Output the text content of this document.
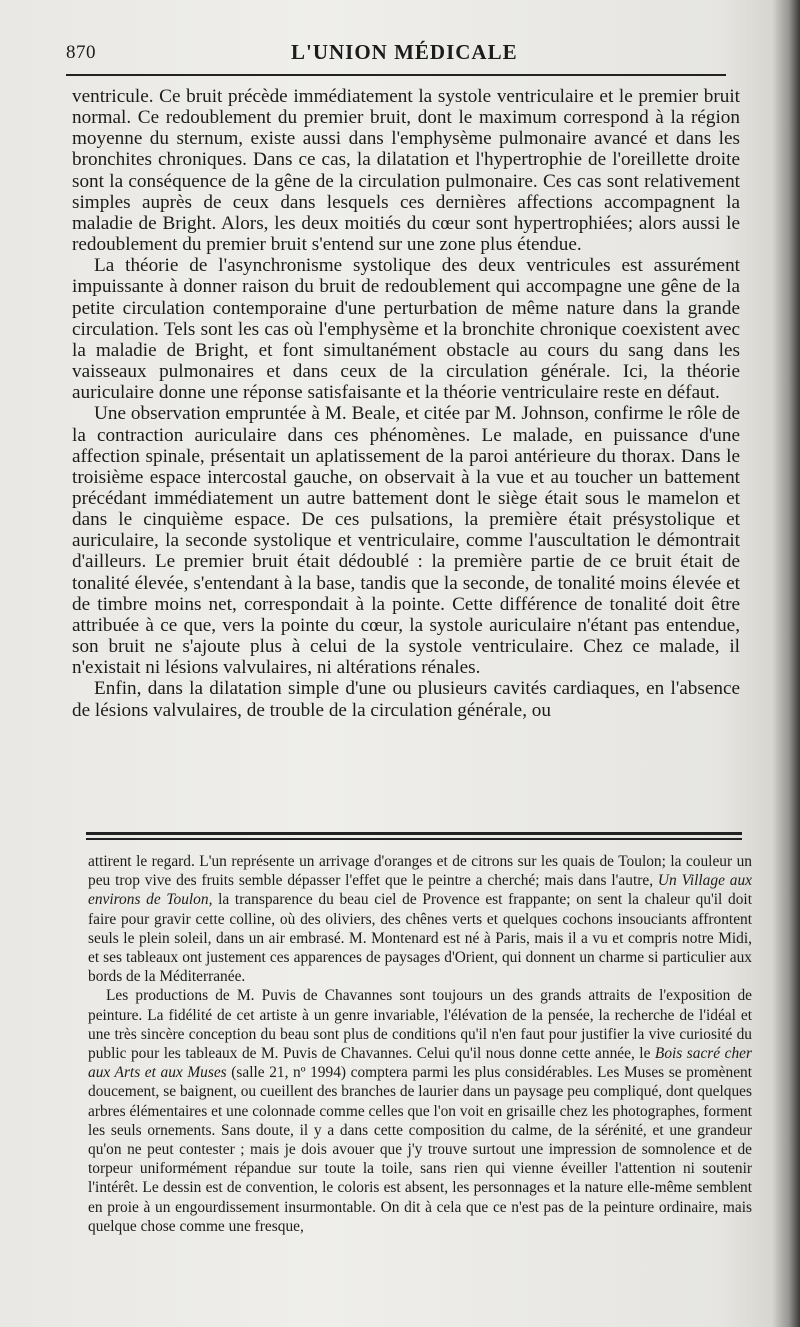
870	L'UNION MÉDICALE

ventricule. Ce bruit précède immédiatement la systole ventriculaire et le premier bruit normal. Ce redoublement du premier bruit, dont le maximum correspond à la région moyenne du sternum, existe aussi dans l'emphysème pulmonaire avancé et dans les bronchites chroniques. Dans ce cas, la dilatation et l'hypertrophie de l'oreillette droite sont la conséquence de la gêne de la circulation pulmonaire. Ces cas sont relativement simples auprès de ceux dans lesquels ces dernières affections accompagnent la maladie de Bright. Alors, les deux moitiés du cœur sont hypertrophiées; alors aussi le redoublement du premier bruit s'entend sur une zone plus étendue.

La théorie de l'asynchronisme systolique des deux ventricules est assurément impuissante à donner raison du bruit de redoublement qui accompagne une gêne de la petite circulation contemporaine d'une perturbation de même nature dans la grande circulation. Tels sont les cas où l'emphysème et la bronchite chronique coexistent avec la maladie de Bright, et font simultanément obstacle au cours du sang dans les vaisseaux pulmonaires et dans ceux de la circulation générale. Ici, la théorie auriculaire donne une réponse satisfaisante et la théorie ventriculaire reste en défaut.

Une observation empruntée à M. Beale, et citée par M. Johnson, confirme le rôle de la contraction auriculaire dans ces phénomènes. Le malade, en puissance d'une affection spinale, présentait un aplatissement de la paroi antérieure du thorax. Dans le troisième espace intercostal gauche, on observait à la vue et au toucher un battement précédant immédiatement un autre battement dont le siège était sous le mamelon et dans le cinquième espace. De ces pulsations, la première était présystolique et auriculaire, la seconde systolique et ventriculaire, comme l'auscultation le démontrait d'ailleurs. Le premier bruit était dédoublé : la première partie de ce bruit était de tonalité élevée, s'entendant à la base, tandis que la seconde, de tonalité moins élevée et de timbre moins net, correspondait à la pointe. Cette différence de tonalité doit être attribuée à ce que, vers la pointe du cœur, la systole auriculaire n'étant pas entendue, son bruit ne s'ajoute plus à celui de la systole ventriculaire. Chez ce malade, il n'existait ni lésions valvulaires, ni altérations rénales.

Enfin, dans la dilatation simple d'une ou plusieurs cavités cardiaques, en l'absence de lésions valvulaires, de trouble de la circulation générale, ou

attirent le regard. L'un représente un arrivage d'oranges et de citrons sur les quais de Toulon; la couleur un peu trop vive des fruits semble dépasser l'effet que le peintre a cherché; mais dans l'autre, Un Village aux environs de Toulon, la transparence du beau ciel de Provence est frappante; on sent la chaleur qu'il doit faire pour gravir cette colline, où des oliviers, des chênes verts et quelques cochons insouciants affrontent seuls le plein soleil, dans un air embrasé. M. Montenard est né à Paris, mais il a vu et compris notre Midi, et ses tableaux ont justement ces apparences de paysages d'Orient, qui donnent un charme si particulier aux bords de la Méditerranée.

Les productions de M. Puvis de Chavannes sont toujours un des grands attraits de l'exposition de peinture. La fidélité de cet artiste à un genre invariable, l'élévation de la pensée, la recherche de l'idéal et une très sincère conception du beau sont plus de conditions qu'il n'en faut pour justifier la vive curiosité du public pour les tableaux de M. Puvis de Chavannes. Celui qu'il nous donne cette année, le Bois sacré cher aux Arts et aux Muses (salle 21, nº 1994) comptera parmi les plus considérables. Les Muses se promènent doucement, se baignent, ou cueillent des branches de laurier dans un paysage peu compliqué, dont quelques arbres élémentaires et une colonnade comme celles que l'on voit en grisaille chez les photographes, forment les seuls ornements. Sans doute, il y a dans cette composition du calme, de la sérénité, et une grandeur qu'on ne peut contester ; mais je dois avouer que j'y trouve surtout une impression de somnolence et de torpeur uniformément répandue sur toute la toile, sans rien qui vienne éveiller l'attention ni soutenir l'intérêt. Le dessin est de convention, le coloris est absent, les personnages et la nature elle-même semblent en proie à un engourdissement insurmontable. On dit à cela que ce n'est pas de la peinture ordinaire, mais quelque chose comme une fresque,
